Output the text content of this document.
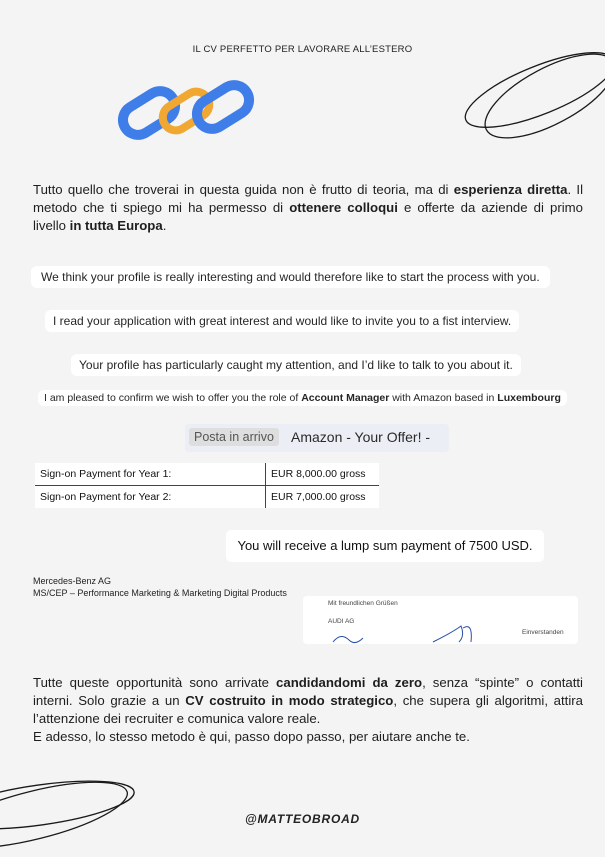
IL CV PERFETTO PER LAVORARE ALL’ESTERO
Tutto quello che troverai in questa guida non è frutto di teoria, ma di esperienza diretta. Il metodo che ti spiego mi ha permesso di ottenere colloqui e offerte da aziende di primo livello in tutta Europa.
We think your profile is really interesting and would therefore like to start the process with you.
I read your application with great interest and would like to invite you to a fist interview.
Your profile has particularly caught my attention, and I’d like to talk to you about it.
I am pleased to confirm we wish to offer you the role of Account Manager with Amazon based in Luxembourg
Posta in arrivo	Amazon - Your Offer! -
Sign-on Payment for Year 1:	EUR 8,000.00 gross
Sign-on Payment for Year 2:	EUR 7,000.00 gross
You will receive a lump sum payment of 7500 USD.
Mercedes-Benz AG
MS/CEP – Performance Marketing & Marketing Digital Products
Mit freundlichen Grüßen
AUDI AG
Einverstanden
Tutte queste opportunità sono arrivate candidandomi da zero, senza “spinte” o contatti interni. Solo grazie a un CV costruito in modo strategico, che supera gli algoritmi, attira l’attenzione dei recruiter e comunica valore reale.
E adesso, lo stesso metodo è qui, passo dopo passo, per aiutare anche te.
@MATTEOBROAD
